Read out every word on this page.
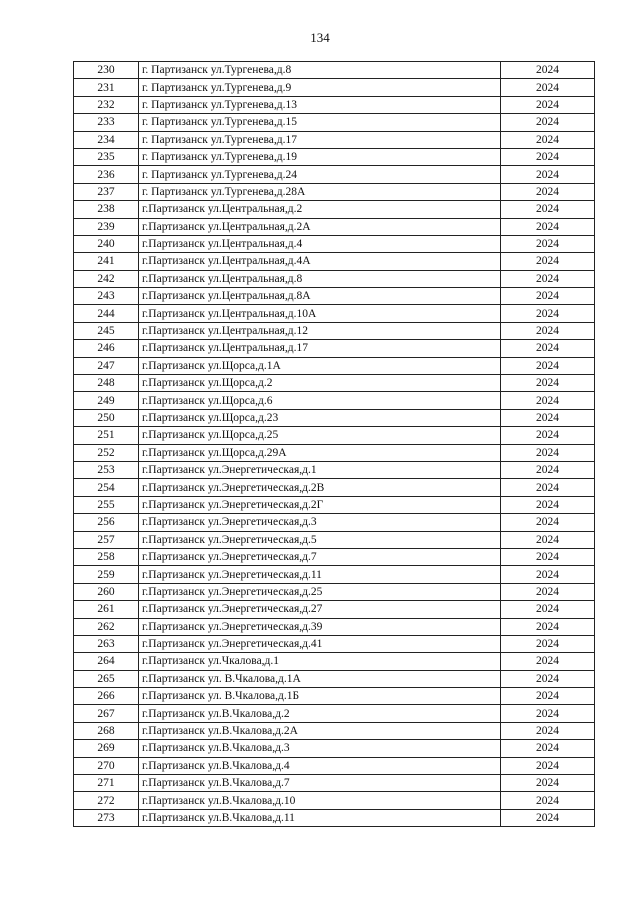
134
230	г. Партизанск ул.Тургенева,д.8	2024
231	г. Партизанск ул.Тургенева,д.9	2024
232	г. Партизанск ул.Тургенева,д.13	2024
233	г. Партизанск ул.Тургенева,д.15	2024
234	г. Партизанск ул.Тургенева,д.17	2024
235	г. Партизанск ул.Тургенева,д.19	2024
236	г. Партизанск ул.Тургенева,д.24	2024
237	г. Партизанск ул.Тургенева,д.28А	2024
238	г.Партизанск ул.Центральная,д.2	2024
239	г.Партизанск ул.Центральная,д.2А	2024
240	г.Партизанск ул.Центральная,д.4	2024
241	г.Партизанск ул.Центральная,д.4А	2024
242	г.Партизанск ул.Центральная,д.8	2024
243	г.Партизанск ул.Центральная,д.8А	2024
244	г.Партизанск ул.Центральная,д.10А	2024
245	г.Партизанск ул.Центральная,д.12	2024
246	г.Партизанск ул.Центральная,д.17	2024
247	г.Партизанск ул.Щорса,д.1А	2024
248	г.Партизанск ул.Щорса,д.2	2024
249	г.Партизанск ул.Щорса,д.6	2024
250	г.Партизанск ул.Щорса,д.23	2024
251	г.Партизанск ул.Щорса,д.25	2024
252	г.Партизанск ул.Щорса,д.29А	2024
253	г.Партизанск ул.Энергетическая,д.1	2024
254	г.Партизанск ул.Энергетическая,д.2В	2024
255	г.Партизанск ул.Энергетическая,д.2Г	2024
256	г.Партизанск ул.Энергетическая,д.3	2024
257	г.Партизанск ул.Энергетическая,д.5	2024
258	г.Партизанск ул.Энергетическая,д.7	2024
259	г.Партизанск ул.Энергетическая,д.11	2024
260	г.Партизанск ул.Энергетическая,д.25	2024
261	г.Партизанск ул.Энергетическая,д.27	2024
262	г.Партизанск ул.Энергетическая,д.39	2024
263	г.Партизанск ул.Энергетическая,д.41	2024
264	г.Партизанск ул.Чкалова,д.1	2024
265	г.Партизанск ул. В.Чкалова,д.1А	2024
266	г.Партизанск ул. В.Чкалова,д.1Б	2024
267	г.Партизанск ул.В.Чкалова,д.2	2024
268	г.Партизанск ул.В.Чкалова,д.2А	2024
269	г.Партизанск ул.В.Чкалова,д.3	2024
270	г.Партизанск ул.В.Чкалова,д.4	2024
271	г.Партизанск ул.В.Чкалова,д.7	2024
272	г.Партизанск ул.В.Чкалова,д.10	2024
273	г.Партизанск ул.В.Чкалова,д.11	2024
